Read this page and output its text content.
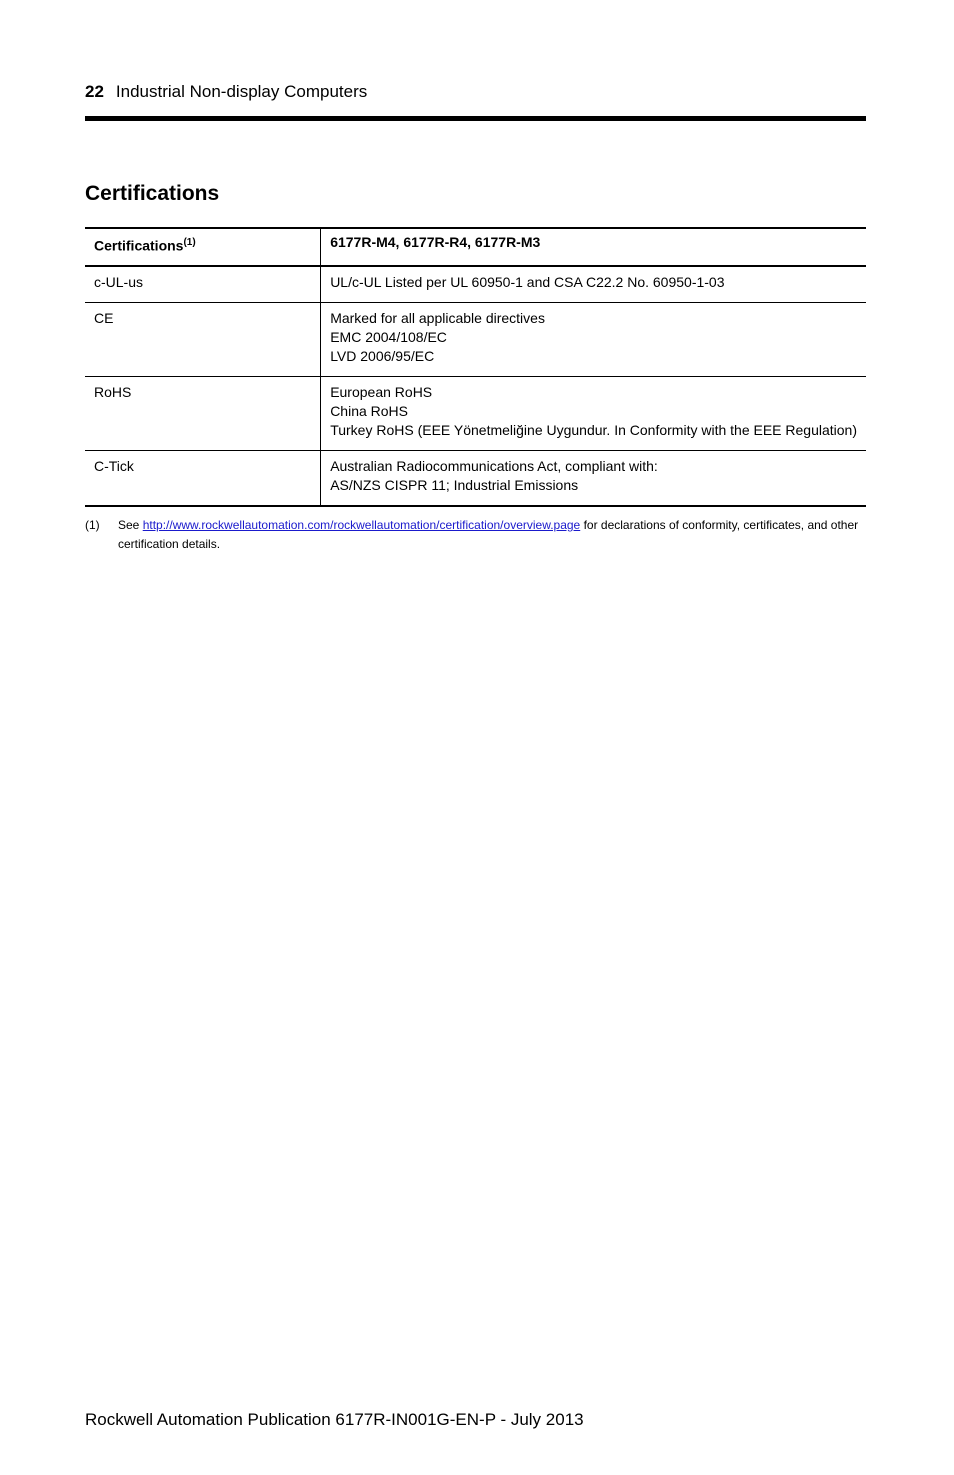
22 Industrial Non-display Computers
Certifications
Certifications$^{(1)}$	6177R-M4, 6177R-R4, 6177R-M3
c-UL-us	UL/c-UL Listed per UL 60950-1 and CSA C22.2 No. 60950-1-03

CE	Marked for all applicable directives
EMC 2004/108/EC
LVD 2006/95/EC

RoHS	European RoHS
China RoHS
Turkey RoHS (EEE Yönetmeliğine Uygundur. In Conformity with the EEE Regulation)

C-Tick	Australian Radiocommunications Act, compliant with:
AS/NZS CISPR 11; Industrial Emissions
(1) See http://www.rockwellautomation.com/rockwellautomation/certification/overview.page for declarations of conformity, certificates, and other certification details.
Rockwell Automation Publication 6177R-IN001G-EN-P - July 2013
